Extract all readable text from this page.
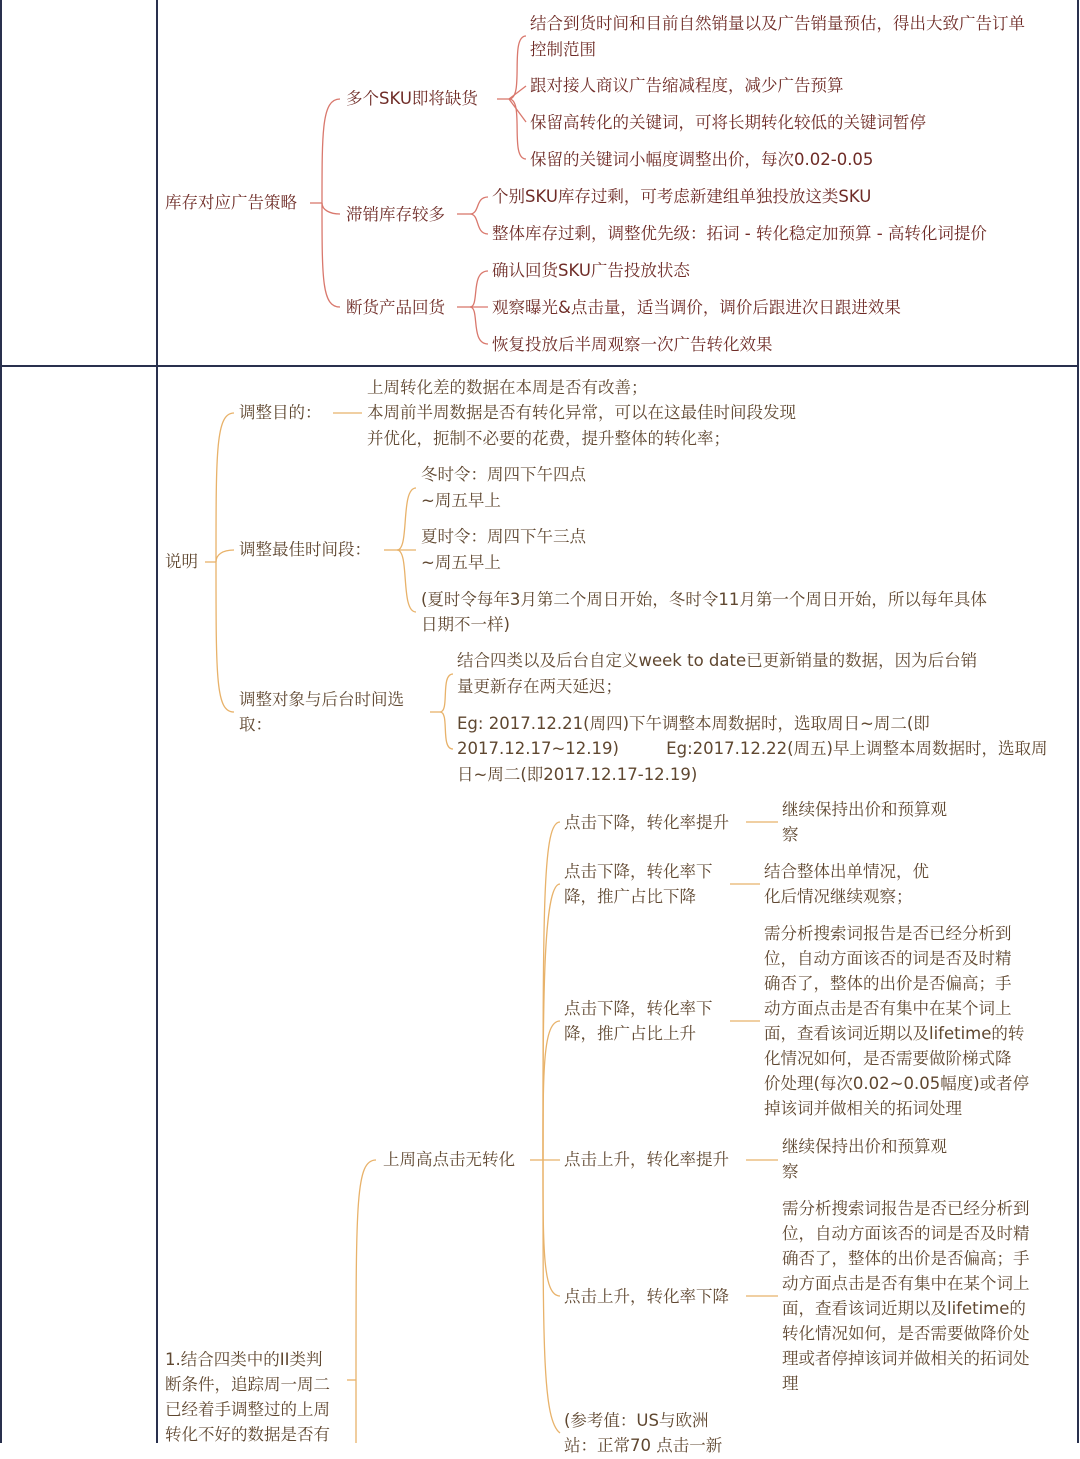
库存对应广告策略
多个SKU即将缺货
结合到货时间和目前自然销量以及广告销量预估，得出大致广告订单控制范围
跟对接人商议广告缩减程度，减少广告预算
保留高转化的关键词，可将长期转化较低的关键词暂停
保留的关键词小幅度调整出价，每次0.02-0.05
滞销库存较多
个别SKU库存过剩，可考虑新建组单独投放这类SKU
整体库存过剩，调整优先级：拓词 - 转化稳定加预算 - 高转化词提价
断货产品回货
确认回货SKU广告投放状态
观察曝光&点击量，适当调价，调价后跟进次日跟进效果
恢复投放后半周观察一次广告转化效果
说明
调整目的：
上周转化差的数据在本周是否有改善；
本周前半周数据是否有转化异常，可以在这最佳时间段发现
并优化，扼制不必要的花费，提升整体的转化率；
调整最佳时间段：
冬时令：周四下午四点
~周五早上
夏时令：周四下午三点
~周五早上
(夏时令每年3月第二个周日开始，冬时令11月第一个周日开始，所以每年具体
日期不一样)
调整对象与后台时间选
取：
结合四类以及后台自定义week to date已更新销量的数据，因为后台销
量更新存在两天延迟；
Eg: 2017.12.21(周四)下午调整本周数据时，选取周日~周二(即
2017.12.17~12.19)         Eg:2017.12.22(周五)早上调整本周数据时，选取周
日~周二(即2017.12.17-12.19)
1.结合四类中的II类判
断条件，追踪周一周二
已经着手调整过的上周
转化不好的数据是否有
上周高点击无转化
点击下降，转化率提升
继续保持出价和预算观
察
点击下降，转化率下
降，推广占比下降
结合整体出单情况，优
化后情况继续观察；
点击下降，转化率下
降，推广占比上升
需分析搜索词报告是否已经分析到
位，自动方面该否的词是否及时精
确否了，整体的出价是否偏高；手
动方面点击是否有集中在某个词上
面，查看该词近期以及lifetime的转
化情况如何，是否需要做阶梯式降
价处理(每次0.02~0.05幅度)或者停
掉该词并做相关的拓词处理
点击上升，转化率提升
继续保持出价和预算观
察
点击上升，转化率下降
需分析搜索词报告是否已经分析到
位，自动方面该否的词是否及时精
确否了，整体的出价是否偏高；手
动方面点击是否有集中在某个词上
面，查看该词近期以及lifetime的
转化情况如何，是否需要做降价处
理或者停掉该词并做相关的拓词处
理
(参考值：US与欧洲
站：正常70 点击一新
